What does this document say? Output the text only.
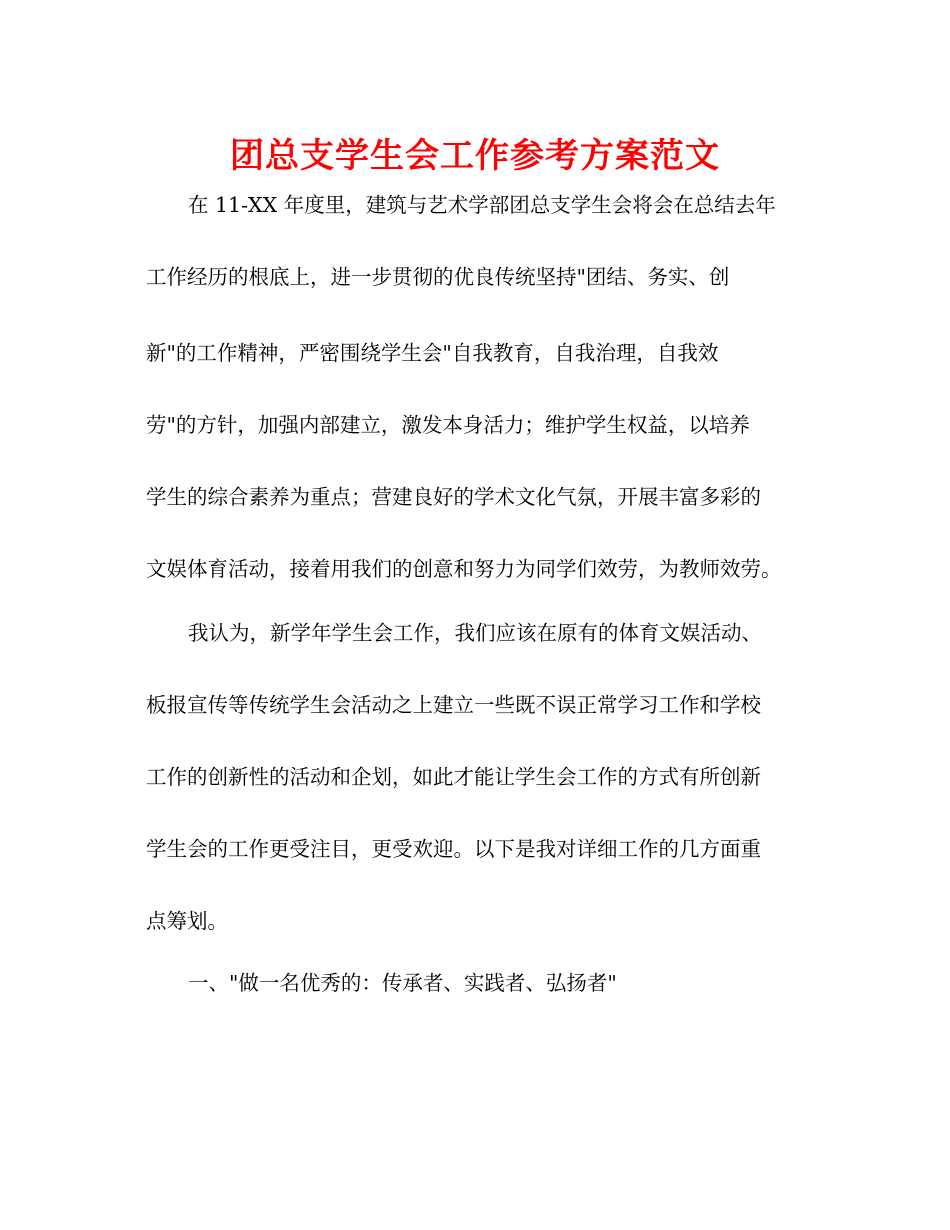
团总支学生会工作参考方案范文
在 11-XX 年度里，建筑与艺术学部团总支学生会将会在总结去年
工作经历的根底上，进一步贯彻的优良传统坚持"团结、务实、创
新"的工作精神，严密围绕学生会"自我教育，自我治理，自我效
劳"的方针，加强内部建立，激发本身活力；维护学生权益，以培养
学生的综合素养为重点；营建良好的学术文化气氛，开展丰富多彩的
文娱体育活动，接着用我们的创意和努力为同学们效劳，为教师效劳。
我认为，新学年学生会工作，我们应该在原有的体育文娱活动、
板报宣传等传统学生会活动之上建立一些既不误正常学习工作和学校
工作的创新性的活动和企划，如此才能让学生会工作的方式有所创新
学生会的工作更受注目，更受欢迎。以下是我对详细工作的几方面重
点筹划。
一、"做一名优秀的：传承者、实践者、弘扬者"
